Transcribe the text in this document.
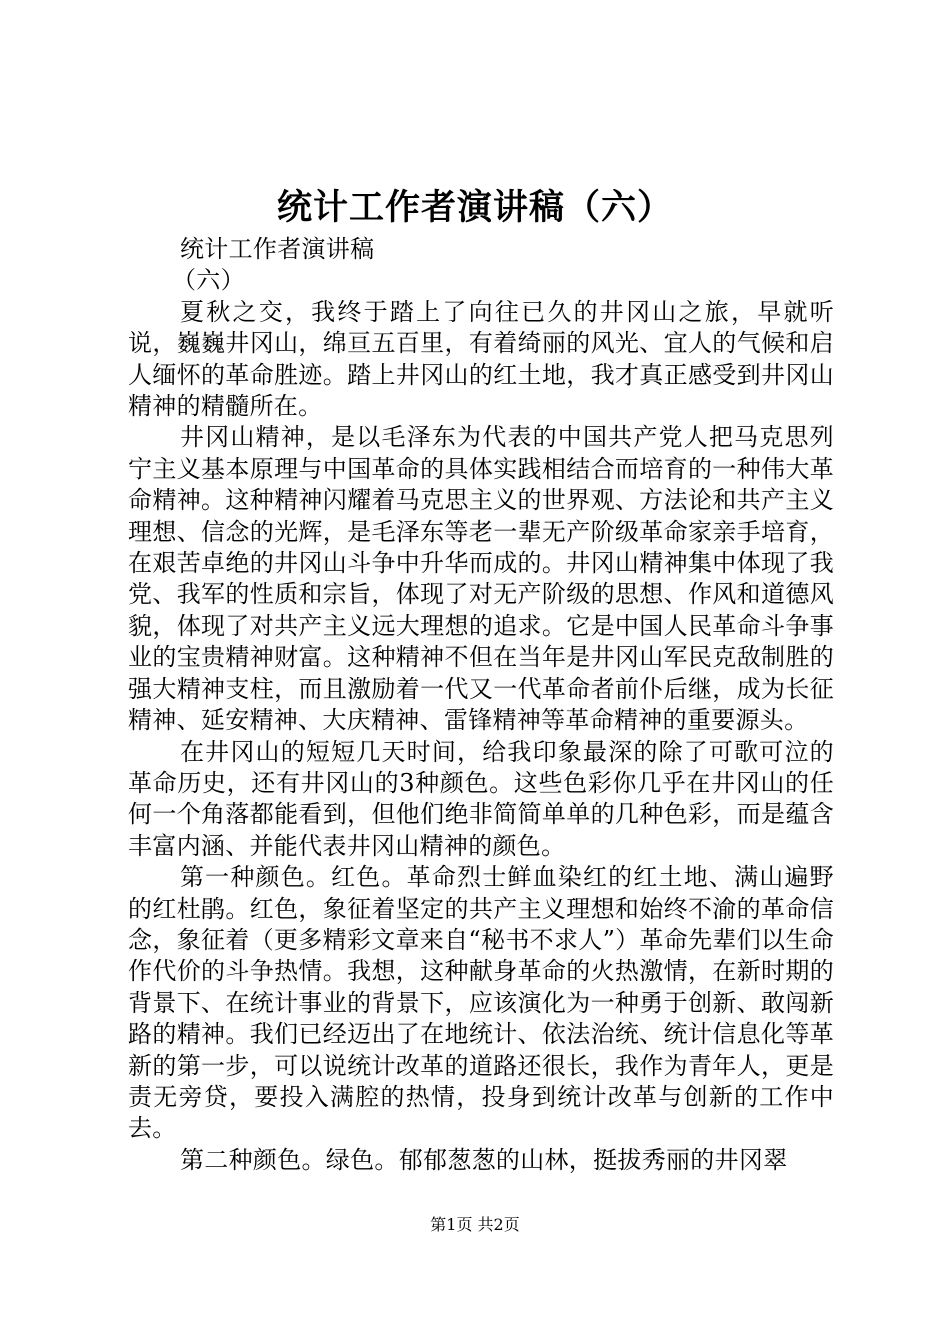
统计工作者演讲稿（六）

统计工作者演讲稿

（六）

夏秋之交，我终于踏上了向往已久的井冈山之旅，早就听说，巍巍井冈山，绵亘五百里，有着绮丽的风光、宜人的气候和启人缅怀的革命胜迹。踏上井冈山的红土地，我才真正感受到井冈山精神的精髓所在。

井冈山精神，是以毛泽东为代表的中国共产党人把马克思列宁主义基本原理与中国革命的具体实践相结合而培育的一种伟大革命精神。这种精神闪耀着马克思主义的世界观、方法论和共产主义理想、信念的光辉，是毛泽东等老一辈无产阶级革命家亲手培育，在艰苦卓绝的井冈山斗争中升华而成的。井冈山精神集中体现了我党、我军的性质和宗旨，体现了对无产阶级的思想、作风和道德风貌，体现了对共产主义远大理想的追求。它是中国人民革命斗争事业的宝贵精神财富。这种精神不但在当年是井冈山军民克敌制胜的强大精神支柱，而且激励着一代又一代革命者前仆后继，成为长征精神、延安精神、大庆精神、雷锋精神等革命精神的重要源头。

在井冈山的短短几天时间，给我印象最深的除了可歌可泣的革命历史，还有井冈山的3种颜色。这些色彩你几乎在井冈山的任何一个角落都能看到，但他们绝非简简单单的几种色彩，而是蕴含丰富内涵、并能代表井冈山精神的颜色。

第一种颜色。红色。革命烈士鲜血染红的红土地、满山遍野的红杜鹃。红色，象征着坚定的共产主义理想和始终不渝的革命信念，象征着（更多精彩文章来自“秘书不求人”）革命先辈们以生命作代价的斗争热情。我想，这种献身革命的火热激情，在新时期的背景下、在统计事业的背景下，应该演化为一种勇于创新、敢闯新路的精神。我们已经迈出了在地统计、依法治统、统计信息化等革新的第一步，可以说统计改革的道路还很长，我作为青年人，更是责无旁贷，要投入满腔的热情，投身到统计改革与创新的工作中去。

第二种颜色。绿色。郁郁葱葱的山林，挺拔秀丽的井冈翠

第1页 共2页
